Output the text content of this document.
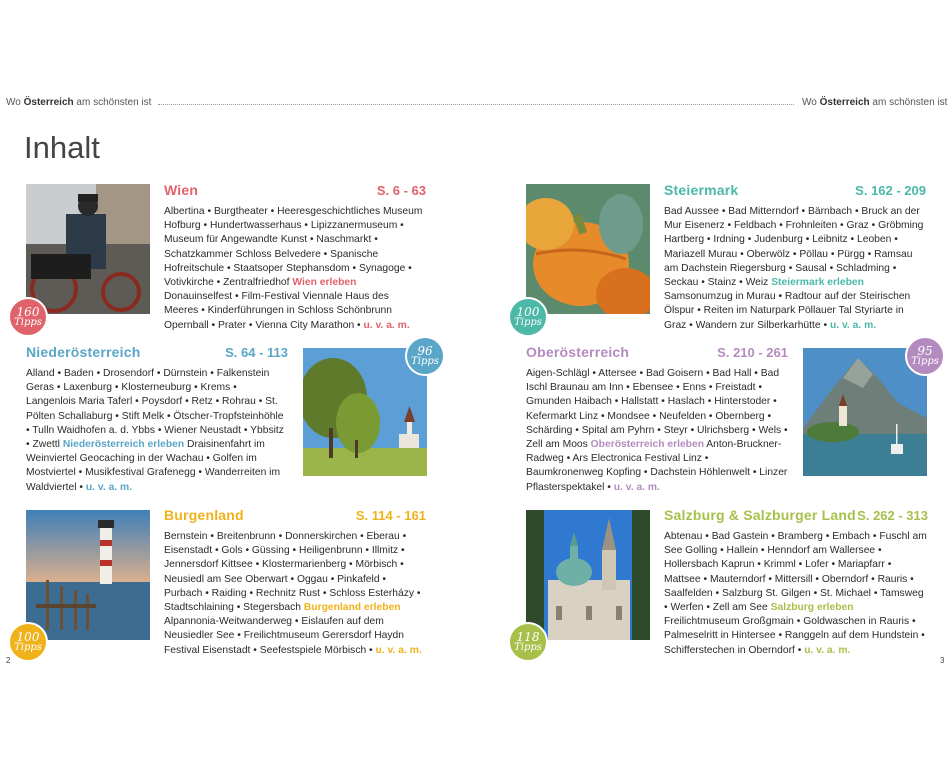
Wo Österreich am schönsten ist	Wo Österreich am schönsten ist
Inhalt
160
Tipps
Wien	S. 6 - 63
Albertina • Burgtheater • Heeresgeschichtliches Museum Hofburg • Hundertwasserhaus • Lipizzanermuseum • Museum für Angewandte Kunst • Naschmarkt • Schatzkammer Schloss Belvedere • Spanische Hofreitschule • Staatsoper Stephansdom • Synagoge • Votivkirche • Zentralfriedhof Wien erleben Donauinselfest • Film-Festival Viennale Haus des Meeres • Kinderführungen in Schloss Schönbrunn Opernball • Prater • Vienna City Marathon • u. v. a. m.
Niederösterreich	S. 64 - 113
Alland • Baden • Drosendorf • Dürnstein • Falkenstein Geras • Laxenburg • Klosterneuburg • Krems • Langenlois Maria Taferl • Poysdorf • Retz • Rohrau • St. Pölten Schallaburg • Stift Melk • Ötscher-Tropfsteinhöhle • Tulln Waidhofen a. d. Ybbs • Wiener Neustadt • Ybbsitz • Zwettl Niederösterreich erleben Draisinenfahrt im Weinviertel Geocaching in der Wachau • Golfen im Mostviertel • Musikfestival Grafenegg • Wanderreiten im Waldviertel • u. v. a. m.
96
Tipps
100
Tipps
Burgenland	S. 114 - 161
Bernstein • Breitenbrunn • Donnerskirchen • Eberau • Eisenstadt • Gols • Güssing • Heiligenbrunn • Illmitz • Jennersdorf Kittsee • Klostermarienberg • Mörbisch • Neusiedl am See Oberwart • Oggau • Pinkafeld • Purbach • Raiding • Rechnitz Rust • Schloss Esterházy • Stadtschlaining • Stegersbach Burgenland erleben Alpannonia-Weitwanderweg • Eislaufen auf dem Neusiedler See • Freilichtmuseum Gerersdorf Haydn Festival Eisenstadt • Seefestspiele Mörbisch • u. v. a. m.
100
Tipps
Steiermark	S. 162 - 209
Bad Aussee • Bad Mitterndorf • Bärnbach • Bruck an der Mur Eisenerz • Feldbach • Frohnleiten • Graz • Gröbming Hartberg • Irdning • Judenburg • Leibnitz • Leoben • Mariazell Murau • Oberwölz • Pöllau • Pürgg • Ramsau am Dachstein Riegersburg • Sausal • Schladming • Seckau • Stainz • Weiz Steiermark erleben Samsonumzug in Murau • Radtour auf der Steirischen Ölspur • Reiten im Naturpark Pöllauer Tal Styriarte in Graz • Wandern zur Silberkarhütte • u. v. a. m.
Oberösterreich	S. 210 - 261
Aigen-Schlägl • Attersee • Bad Goisern • Bad Hall • Bad Ischl Braunau am Inn • Ebensee • Enns • Freistadt • Gmunden Haibach • Hallstatt • Haslach • Hinterstoder • Kefermarkt Linz • Mondsee • Neufelden • Obernberg • Schärding • Spital am Pyhrn • Steyr • Ulrichsberg • Wels • Zell am Moos Oberösterreich erleben Anton-Bruckner-Radweg • Ars Electronica Festival Linz • Baumkronenweg Kopfing • Dachstein Höhlenwelt • Linzer Pflasterspektakel • u. v. a. m.
95
Tipps
118
Tipps
Salzburg & Salzburger Land S. 262 - 313
Abtenau • Bad Gastein • Bramberg • Embach • Fuschl am See Golling • Hallein • Henndorf am Wallersee • Hollersbach Kaprun • Krimml • Lofer • Mariapfarr • Mattsee • Mauterndorf • Mittersill • Oberndorf • Rauris • Saalfelden • Salzburg St. Gilgen • St. Michael • Tamsweg • Werfen • Zell am See Salzburg erleben Freilichtmuseum Großgmain • Goldwaschen in Rauris • Palmeselritt in Hintersee • Ranggeln auf dem Hundstein • Schifferstechen in Oberndorf • u. v. a. m.
2	3
